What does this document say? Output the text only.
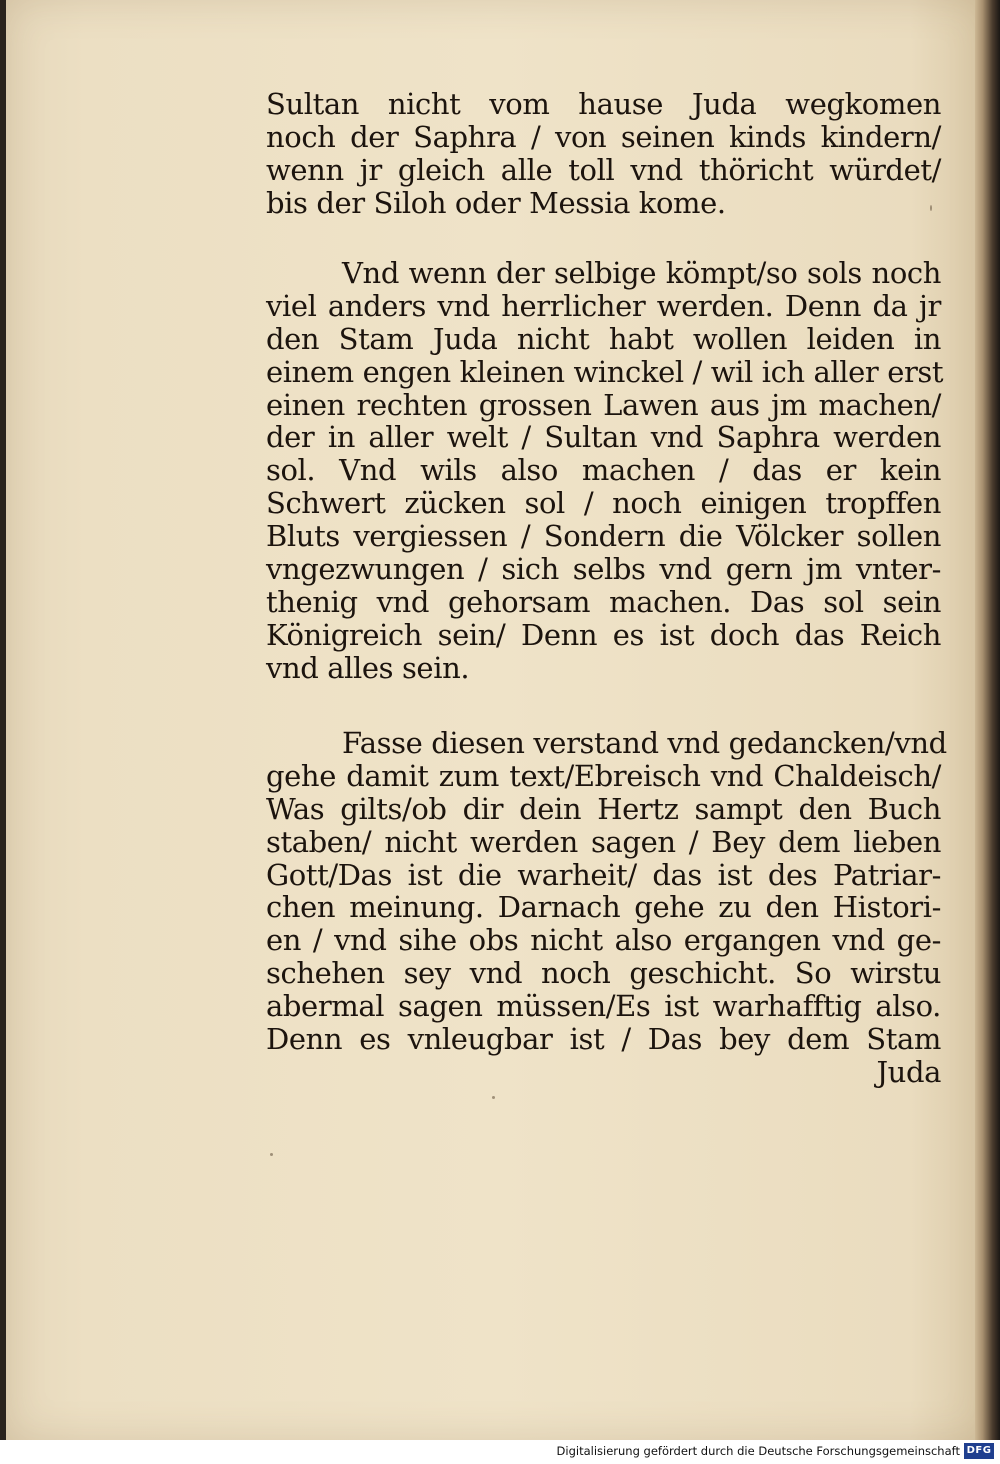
Sultan nicht vom hause Juda wegkomen
noch der Saphra / von seinen kinds kindern/
wenn jr gleich alle toll vnd thöricht würdet/
bis der Siloh oder Messia kome.
Vnd wenn der selbige kömpt/so sols noch
viel anders vnd herrlicher werden. Denn da jr
den Stam Juda nicht habt wollen leiden in
einem engen kleinen winckel / wil ich aller erst
einen rechten grossen Lawen aus jm machen/
der in aller welt / Sultan vnd Saphra werden
sol. Vnd wils also machen / das er kein
Schwert zücken sol / noch einigen tropffen
Bluts vergiessen / Sondern die Völcker sollen
vngezwungen / sich selbs vnd gern jm vnter-
thenig vnd gehorsam machen. Das sol sein
Königreich sein/ Denn es ist doch das Reich
vnd alles sein.
Fasse diesen verstand vnd gedancken/vnd
gehe damit zum text/Ebreisch vnd Chaldeisch/
Was gilts/ob dir dein Hertz sampt den Buch
staben/ nicht werden sagen / Bey dem lieben
Gott/Das ist die warheit/ das ist des Patriar-
chen meinung. Darnach gehe zu den Histori-
en / vnd sihe obs nicht also ergangen vnd ge-
schehen sey vnd noch geschicht. So wirstu
abermal sagen müssen/Es ist warhafftig also.
Denn es vnleugbar ist / Das bey dem Stam
Juda
Digitalisierung gefördert durch die Deutsche Forschungsgemeinschaft DFG
